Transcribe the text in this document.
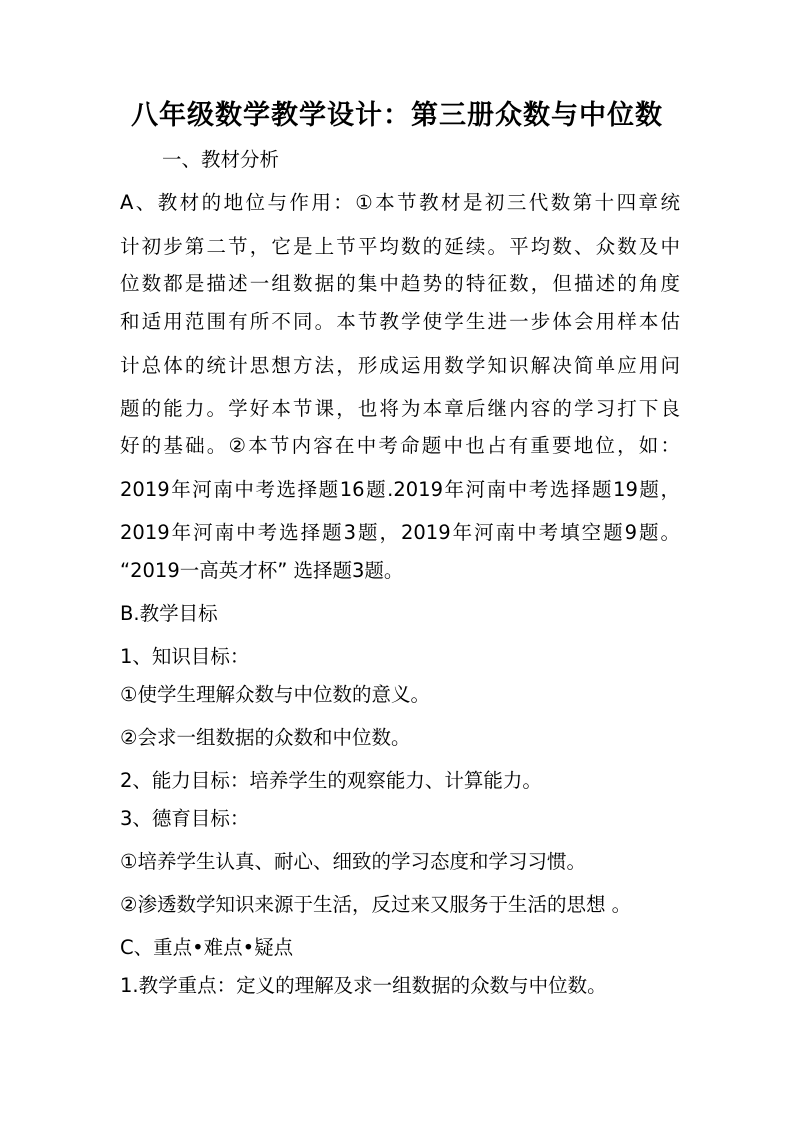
八年级数学教学设计：第三册众数与中位数

一、教材分析

A、教材的地位与作用：①本节教材是初三代数第十四章统

计初步第二节，它是上节平均数的延续。平均数、众数及中

位数都是描述一组数据的集中趋势的特征数，但描述的角度

和适用范围有所不同。本节教学使学生进一步体会用样本估

计总体的统计思想方法，形成运用数学知识解决简单应用问

题的能力。学好本节课，也将为本章后继内容的学习打下良

好的基础。②本节内容在中考命题中也占有重要地位，如：

2019年河南中考选择题16题.2019年河南中考选择题19题，

2019年河南中考选择题3题，2019年河南中考填空题9题。

“2019一高英才杯” 选择题3题。

B.教学目标

1、知识目标：

①使学生理解众数与中位数的意义。

②会求一组数据的众数和中位数。

2、能力目标：培养学生的观察能力、计算能力。

3、德育目标：

①培养学生认真、耐心、细致的学习态度和学习习惯。

②渗透数学知识来源于生活，反过来又服务于生活的思想 。

C、重点•难点•疑点

1.教学重点：定义的理解及求一组数据的众数与中位数。
